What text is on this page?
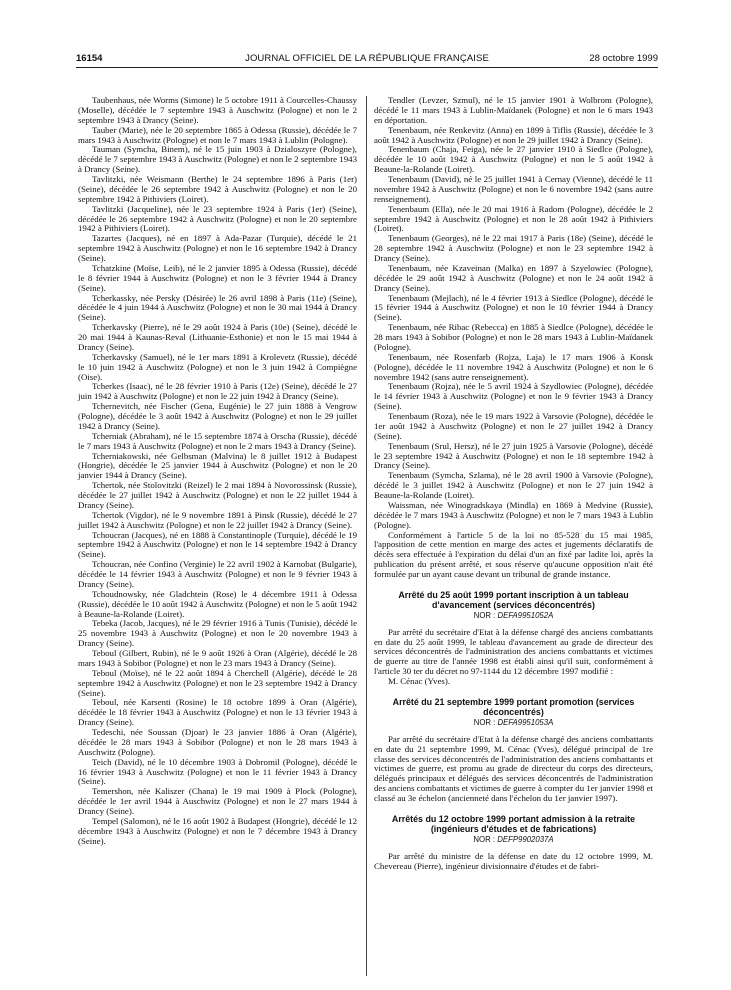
16154	JOURNAL OFFICIEL DE LA RÉPUBLIQUE FRANÇAISE	28 octobre 1999

Taubenhaus, née Worms (Simone) le 5 octobre 1911 à Courcelles-Chaussy (Moselle), décédée le 7 septembre 1943 à Auschwitz (Pologne) et non le 2 septembre 1943 à Drancy (Seine).

Tauber (Marie), née le 20 septembre 1865 à Odessa (Russie), décédée le 7 mars 1943 à Auschwitz (Pologne) et non le 7 mars 1943 à Lublin (Pologne).

Tauman (Symcha, Binem), né le 15 juin 1903 à Dzialoszyre (Pologne), décédé le 7 septembre 1943 à Auschwitz (Pologne) et non le 2 septembre 1943 à Drancy (Seine).

Tavlitzki, née Weismann (Berthe) le 24 septembre 1896 à Paris (1er) (Seine), décédée le 26 septembre 1942 à Auschwitz (Pologne) et non le 20 septembre 1942 à Pithiviers (Loiret).

Tavlitzki (Jacqueline), née le 23 septembre 1924 à Paris (1er) (Seine), décédée le 26 septembre 1942 à Auschwitz (Pologne) et non le 20 septembre 1942 à Pithiviers (Loiret).

Tazartes (Jacques), né en 1897 à Ada-Pazar (Turquie), décédé le 21 septembre 1942 à Auschwitz (Pologne) et non le 16 septembre 1942 à Drancy (Seine).

Tchatzkine (Moïse, Leib), né le 2 janvier 1895 à Odessa (Russie), décédé le 8 février 1944 à Auschwitz (Pologne) et non le 3 février 1944 à Drancy (Seine).

Tcherkassky, née Persky (Désirée) le 26 avril 1898 à Paris (11e) (Seine), décédée le 4 juin 1944 à Auschwitz (Pologne) et non le 30 mai 1944 à Drancy (Seine).

Tcherkavsky (Pierre), né le 29 août 1924 à Paris (10e) (Seine), décédé le 20 mai 1944 à Kaunas-Reval (Lithuanie-Esthonie) et non le 15 mai 1944 à Drancy (Seine).

Tcherkavsky (Samuel), né le 1er mars 1891 à Krolevetz (Russie), décédé le 10 juin 1942 à Auschwitz (Pologne) et non le 3 juin 1942 à Compiègne (Oise).

Tcherkes (Isaac), né le 28 février 1910 à Paris (12e) (Seine), décédé le 27 juin 1942 à Auschwitz (Pologne) et non le 22 juin 1942 à Drancy (Seine).

Tchernevitch, née Fischer (Gena, Eugénie) le 27 juin 1888 à Vengrow (Pologne), décédée le 3 août 1942 à Auschwitz (Pologne) et non le 29 juillet 1942 à Drancy (Seine).

Tcherniak (Abraham), né le 15 septembre 1874 à Orscha (Russie), décédé le 7 mars 1943 à Auschwitz (Pologne) et non le 2 mars 1943 à Drancy (Seine).

Tcherniakowski, née Gelbsman (Malvina) le 8 juillet 1912 à Budapest (Hongrie), décédée le 25 janvier 1944 à Auschwitz (Pologne) et non le 20 janvier 1944 à Drancy (Seine).

Tchertok, née Stolovitzki (Reizel) le 2 mai 1894 à Novorossinsk (Russie), décédée le 27 juillet 1942 à Auschwitz (Pologne) et non le 22 juillet 1944 à Drancy (Seine).

Tchertok (Vigdor), né le 9 novembre 1891 à Pinsk (Russie), décédé le 27 juillet 1942 à Auschwitz (Pologne) et non le 22 juillet 1942 à Drancy (Seine).

Tchoucran (Jacques), né en 1888 à Constantinople (Turquie), décédé le 19 septembre 1942 à Auschwitz (Pologne) et non le 14 septembre 1942 à Drancy (Seine).

Tchoucran, née Confino (Verginie) le 22 avril 1902 à Karnobat (Bulgarie), décédée le 14 février 1943 à Auschwitz (Pologne) et non le 9 février 1943 à Drancy (Seine).

Tchoudnowsky, née Gladchtein (Rose) le 4 décembre 1911 à Odessa (Russie), décédée le 10 août 1942 à Auschwitz (Pologne) et non le 5 août 1942 à Beaune-la-Rolande (Loiret).

Tebeka (Jacob, Jacques), né le 29 février 1916 à Tunis (Tunisie), décédé le 25 novembre 1943 à Auschwitz (Pologne) et non le 20 novembre 1943 à Drancy (Seine).

Teboul (Gilbert, Rubin), né le 9 août 1926 à Oran (Algérie), décédé le 28 mars 1943 à Sobibor (Pologne) et non le 23 mars 1943 à Drancy (Seine).

Teboul (Moïse), né le 22 août 1894 à Cherchell (Algérie), décédé le 28 septembre 1942 à Auschwitz (Pologne) et non le 23 septembre 1942 à Drancy (Seine).

Teboul, née Karsenti (Rosine) le 18 octobre 1899 à Oran (Algérie), décédée le 18 février 1943 à Auschwitz (Pologne) et non le 13 février 1943 à Drancy (Seine).

Tedeschi, née Soussan (Djoar) le 23 janvier 1886 à Oran (Algérie), décédée le 28 mars 1943 à Sobibor (Pologne) et non le 28 mars 1943 à Auschwitz (Pologne).

Teich (David), né le 10 décembre 1903 à Dobromil (Pologne), décédé le 16 février 1943 à Auschwitz (Pologne) et non le 11 février 1943 à Drancy (Seine).

Temershon, née Kaliszer (Chana) le 19 mai 1909 à Plock (Pologne), décédée le 1er avril 1944 à Auschwitz (Pologne) et non le 27 mars 1944 à Drancy (Seine).

Tempel (Salomon), né le 16 août 1902 à Budapest (Hongrie), décédé le 12 décembre 1943 à Auschwitz (Pologne) et non le 7 décembre 1943 à Drancy (Seine).

Tendler (Levzer, Szmul), né le 15 janvier 1901 à Wolbrom (Pologne), décédé le 11 mars 1943 à Lublin-Maïdanek (Pologne) et non le 6 mars 1943 en déportation.

Tenenbaum, née Renkevitz (Anna) en 1899 à Tiflis (Russie), décédée le 3 août 1942 à Auschwitz (Pologne) et non le 29 juillet 1942 à Drancy (Seine).

Tenenbaum (Chaja, Feiga), née le 27 janvier 1910 à Siedlce (Pologne), décédée le 10 août 1942 à Auschwitz (Pologne) et non le 5 août 1942 à Beaune-la-Rolande (Loiret).

Tenenbaum (David), né le 25 juillet 1941 à Cernay (Vienne), décédé le 11 novembre 1942 à Auschwitz (Pologne) et non le 6 novembre 1942 (sans autre renseignement).

Tenenbaum (Ella), née le 20 mai 1916 à Radom (Pologne), décédée le 2 septembre 1942 à Auschwitz (Pologne) et non le 28 août 1942 à Pithiviers (Loiret).

Tenenbaum (Georges), né le 22 mai 1917 à Paris (18e) (Seine), décédé le 28 septembre 1942 à Auschwitz (Pologne) et non le 23 septembre 1942 à Drancy (Seine).

Tenenbaum, née Kzaveinan (Malka) en 1897 à Szyelowiec (Pologne), décédée le 29 août 1942 à Auschwitz (Pologne) et non le 24 août 1942 à Drancy (Seine).

Tenenbaum (Mejlach), né le 4 février 1913 à Siedlce (Pologne), décédé le 15 février 1944 à Auschwitz (Pologne) et non le 10 février 1944 à Drancy (Seine).

Tenenbaum, née Ribac (Rebecca) en 1885 à Siedlce (Pologne), décédée le 28 mars 1943 à Sobibor (Pologne) et non le 28 mars 1943 à Lublin-Maïdanek (Pologne).

Tenenbaum, née Rosenfarb (Rojza, Laja) le 17 mars 1906 à Konsk (Pologne), décédée le 11 novembre 1942 à Auschwitz (Pologne) et non le 6 novembre 1942 (sans autre renseignement).

Tenenbaum (Rojza), née le 5 avril 1924 à Szydlowiec (Pologne), décédée le 14 février 1943 à Auschwitz (Pologne) et non le 9 février 1943 à Drancy (Seine).

Tenenbaum (Roza), née le 19 mars 1922 à Varsovie (Pologne), décédée le 1er août 1942 à Auschwitz (Pologne) et non le 27 juillet 1942 à Drancy (Seine).

Tenenbaum (Srul, Hersz), né le 27 juin 1925 à Varsovie (Pologne), décédé le 23 septembre 1942 à Auschwitz (Pologne) et non le 18 septembre 1942 à Drancy (Seine).

Tenenbaum (Symcha, Szlama), né le 28 avril 1900 à Varsovie (Pologne), décédé le 3 juillet 1942 à Auschwitz (Pologne) et non le 27 juin 1942 à Beaune-la-Rolande (Loiret).

Waissman, née Winogradskaya (Mindla) en 1869 à Medvine (Russie), décédée le 7 mars 1943 à Auschwitz (Pologne) et non le 7 mars 1943 à Lublin (Pologne).

Conformément à l'article 5 de la loi no 85-528 du 15 mai 1985, l'apposition de cette mention en marge des actes et jugements déclaratifs de décès sera effectuée à l'expiration du délai d'un an fixé par ladite loi, après la publication du présent arrêté, et sous réserve qu'aucune opposition n'ait été formulée par un ayant cause devant un tribunal de grande instance.

Arrêté du 25 août 1999 portant inscription à un tableau d'avancement (services déconcentrés)
NOR : DEFA9951052A

Par arrêté du secrétaire d'Etat à la défense chargé des anciens combattants en date du 25 août 1999, le tableau d'avancement au grade de directeur des services déconcentrés de l'administration des anciens combattants et victimes de guerre au titre de l'année 1998 est établi ainsi qu'il suit, conformément à l'article 30 ter du décret no 97-1144 du 12 décembre 1997 modifié :

M. Cénac (Yves).

Arrêté du 21 septembre 1999 portant promotion (services déconcentrés)
NOR : DEFA9951053A

Par arrêté du secrétaire d'Etat à la défense chargé des anciens combattants en date du 21 septembre 1999, M. Cénac (Yves), délégué principal de 1re classe des services déconcentrés de l'administration des anciens combattants et victimes de guerre, est promu au grade de directeur du corps des directeurs, délégués principaux et délégués des services déconcentrés de l'administration des anciens combattants et victimes de guerre à compter du 1er janvier 1998 et classé au 3e échelon (ancienneté dans l'échelon du 1er janvier 1997).

Arrêtés du 12 octobre 1999 portant admission à la retraite (ingénieurs d'études et de fabrications)
NOR : DEFP9902037A

Par arrêté du ministre de la défense en date du 12 octobre 1999, M. Chevereau (Pierre), ingénieur divisionnaire d'études et de fabri-
